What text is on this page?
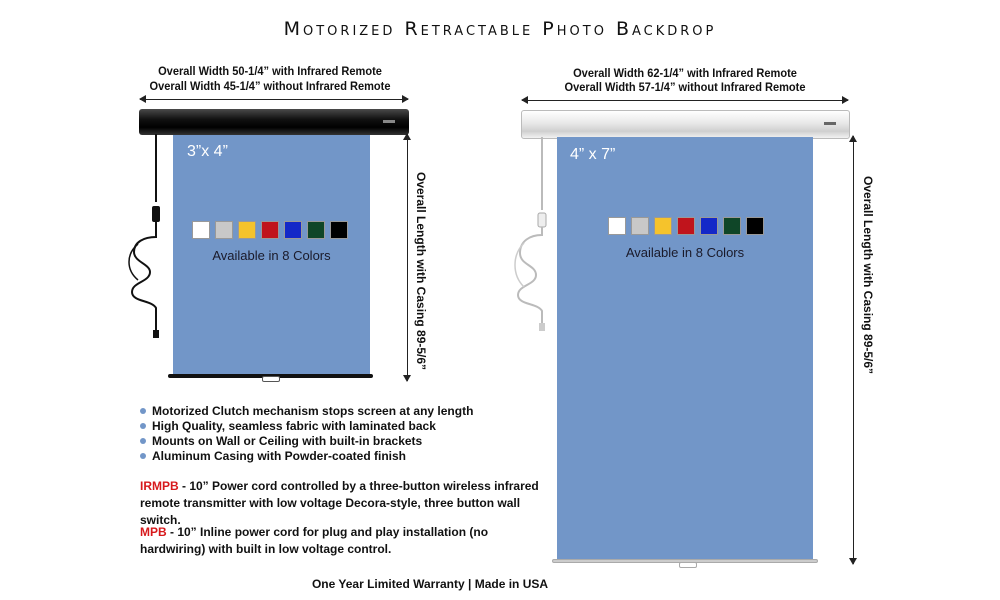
Motorized Retractable Photo Backdrop
Overall Width 50-1/4” with Infrared Remote
Overall Width 45-1/4” without Infrared Remote
3”x 4”
Available in 8 Colors	Overall Length with Casing 89-5/6”
Overall Width 62-1/4” with Infrared Remote
Overall Width 57-1/4” without Infrared Remote
4” x 7”
Available in 8 Colors	Overall Length with Casing 89-5/6”
Motorized Clutch mechanism stops screen at any length
High Quality, seamless fabric with laminated back
Mounts on Wall or Ceiling with built-in brackets
Aluminum Casing with Powder-coated finish
IRMPB - 10” Power cord controlled by a three-button wireless infrared remote transmitter with low voltage Decora-style, three button wall switch.
MPB - 10” Inline power cord for plug and play installation (no hardwiring) with built in low voltage control.
One Year Limited Warranty | Made in USA
